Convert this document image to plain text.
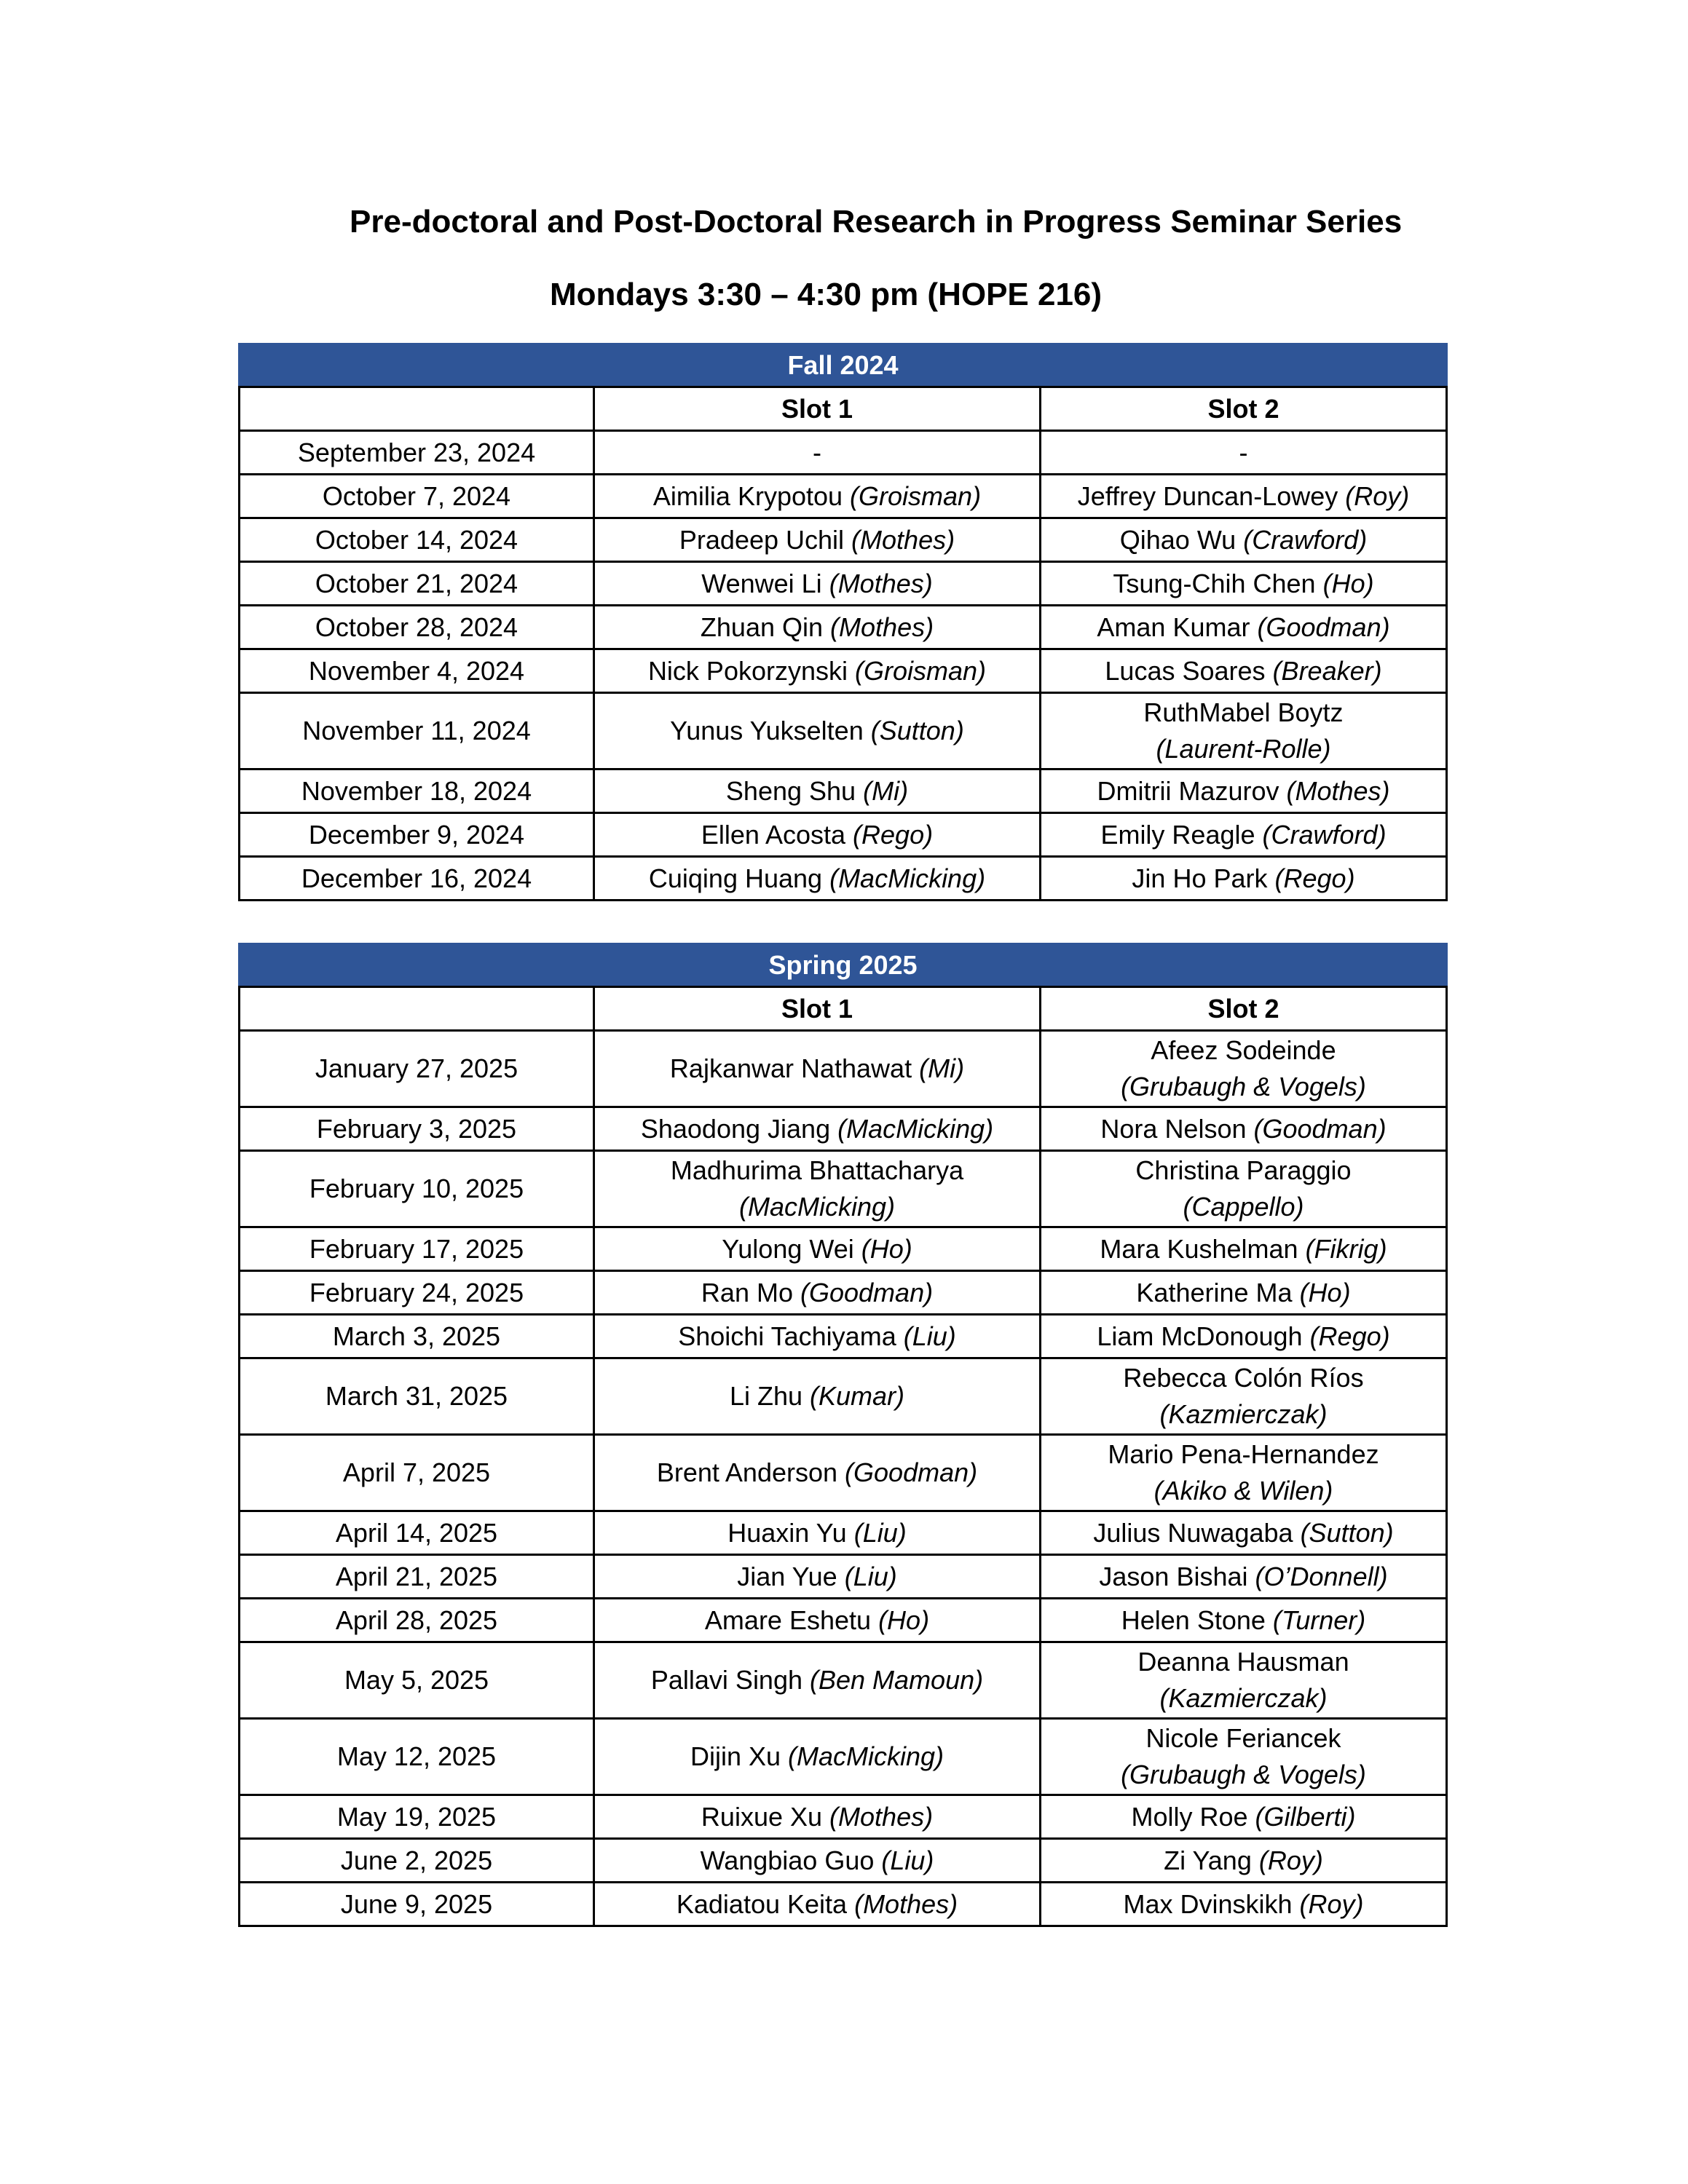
Pre-doctoral and Post-Doctoral Research in Progress Seminar Series
Mondays 3:30 – 4:30 pm (HOPE 216)
Fall 2024		
	Slot 1	Slot 2
September 23, 2024	-	-
October 7, 2024	Aimilia Krypotou (Groisman)	Jeffrey Duncan-Lowey (Roy)
October 14, 2024	Pradeep Uchil (Mothes)	Qihao Wu (Crawford)
October 21, 2024	Wenwei Li (Mothes)	Tsung-Chih Chen (Ho)
October 28, 2024	Zhuan Qin (Mothes)	Aman Kumar (Goodman)
November 4, 2024	Nick Pokorzynski (Groisman)	Lucas Soares (Breaker)
November 11, 2024	Yunus Yukselten (Sutton)	RuthMabel Boytz
(Laurent-Rolle)
November 18, 2024	Sheng Shu (Mi)	Dmitrii Mazurov (Mothes)
December 9, 2024	Ellen Acosta (Rego)	Emily Reagle (Crawford)
December 16, 2024	Cuiqing Huang (MacMicking)	Jin Ho Park (Rego)
Spring 2025		
	Slot 1	Slot 2
January 27, 2025	Rajkanwar Nathawat (Mi)	Afeez Sodeinde
(Grubaugh & Vogels)
February 3, 2025	Shaodong Jiang (MacMicking)	Nora Nelson (Goodman)
February 10, 2025	Madhurima Bhattacharya
(MacMicking)	Christina Paraggio
(Cappello)
February 17, 2025	Yulong Wei (Ho)	Mara Kushelman (Fikrig)
February 24, 2025	Ran Mo (Goodman)	Katherine Ma (Ho)
March 3, 2025	Shoichi Tachiyama (Liu)	Liam McDonough (Rego)
March 31, 2025	Li Zhu (Kumar)	Rebecca Colón Ríos
(Kazmierczak)
April 7, 2025	Brent Anderson (Goodman)	Mario Pena-Hernandez
(Akiko & Wilen)
April 14, 2025	Huaxin Yu (Liu)	Julius Nuwagaba (Sutton)
April 21, 2025	Jian Yue (Liu)	Jason Bishai (O’Donnell)
April 28, 2025	Amare Eshetu (Ho)	Helen Stone (Turner)
May 5, 2025	Pallavi Singh (Ben Mamoun)	Deanna Hausman
(Kazmierczak)
May 12, 2025	Dijin Xu (MacMicking)	Nicole Feriancek
(Grubaugh & Vogels)
May 19, 2025	Ruixue Xu (Mothes)	Molly Roe (Gilberti)
June 2, 2025	Wangbiao Guo (Liu)	Zi Yang (Roy)
June 9, 2025	Kadiatou Keita (Mothes)	Max Dvinskikh (Roy)
